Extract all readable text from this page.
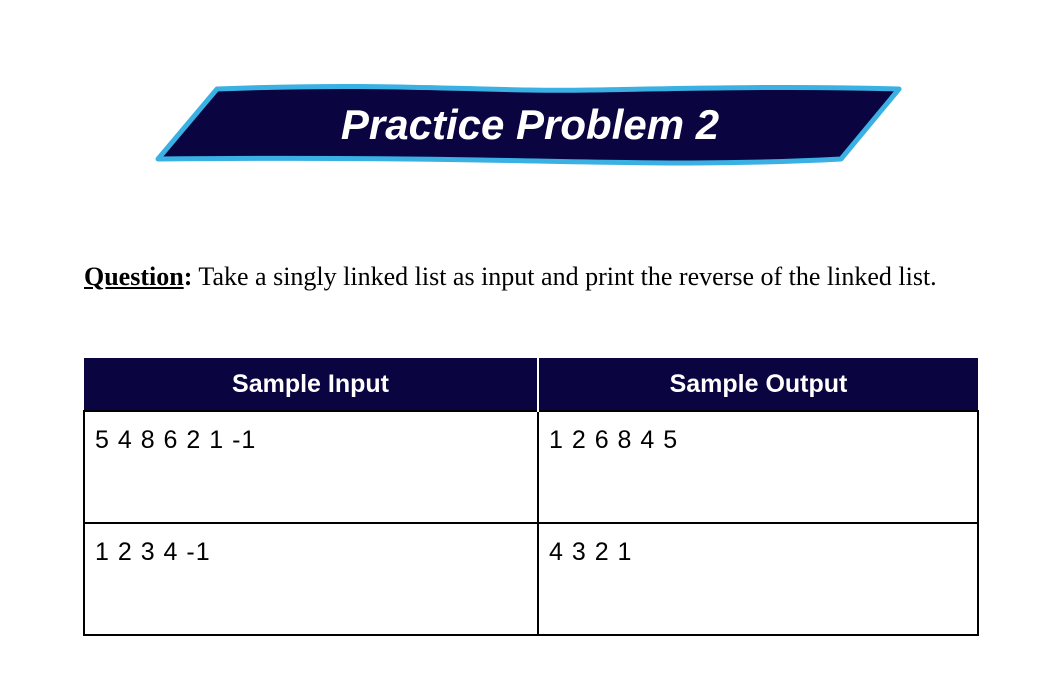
Practice Problem 2
Question: Take a singly linked list as input and print the reverse of the linked list.
Sample Input	Sample Output
5 4 8 6 2 1 -1	1 2 6 8 4 5
1 2 3 4 -1	4 3 2 1
